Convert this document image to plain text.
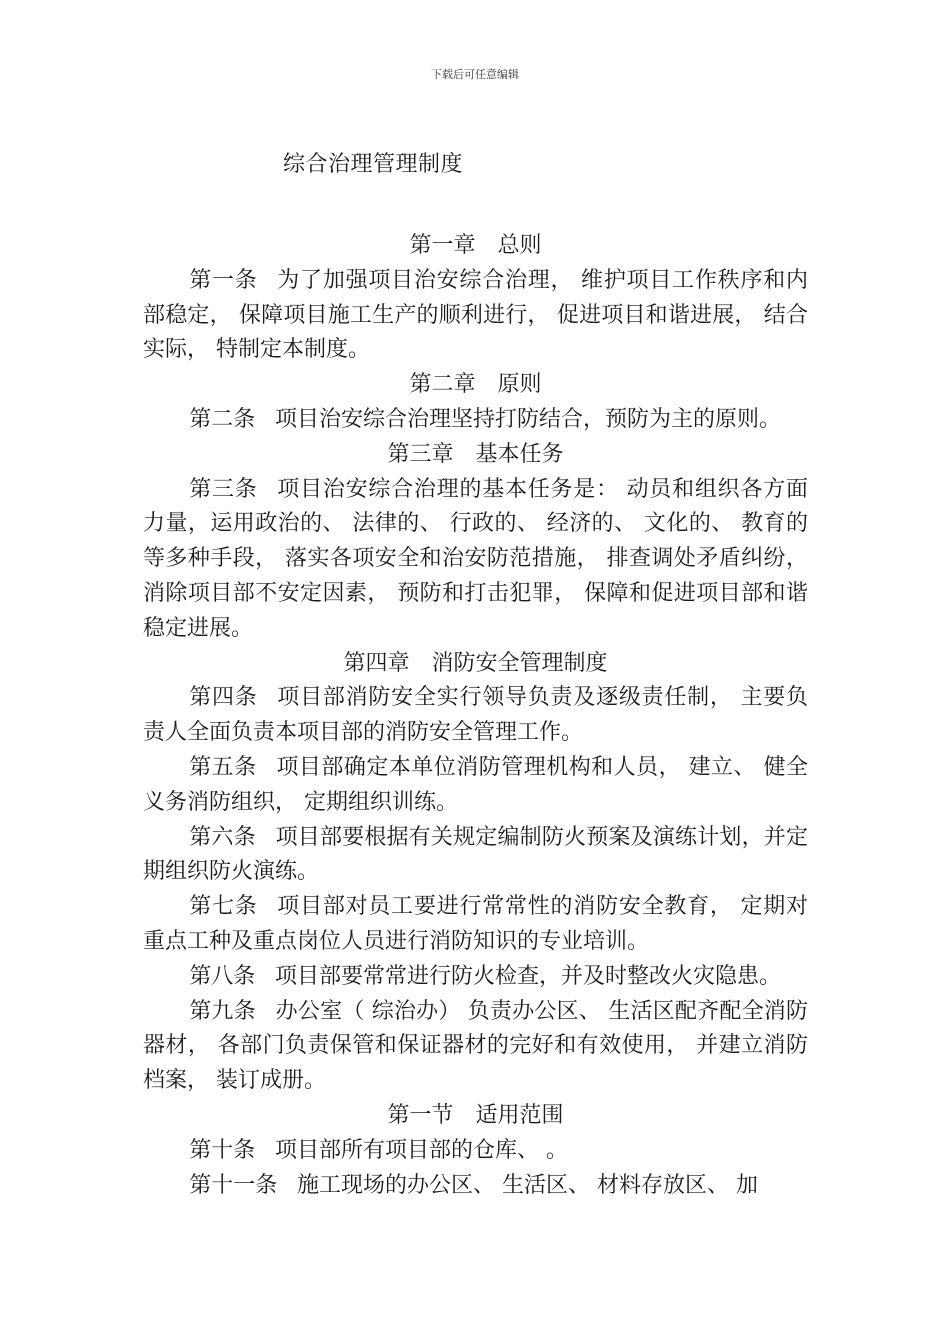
下载后可任意编辑
综合治理管理制度

第一章 总则

第一条 为了加强项目治安综合治理， 维护项目工作秩序和内部稳定， 保障项目施工生产的顺利进行， 促进项目和谐进展， 结合实际， 特制定本制度。

第二章 原则

第二条 项目治安综合治理坚持打防结合，预防为主的原则。

第三章 基本任务

第三条 项目治安综合治理的基本任务是： 动员和组织各方面力量，运用政治的、 法律的、 行政的、 经济的、 文化的、 教育的等多种手段， 落实各项安全和治安防范措施， 排查调处矛盾纠纷， 消除项目部不安定因素， 预防和打击犯罪， 保障和促进项目部和谐稳定进展。

第四章 消防安全管理制度

第四条 项目部消防安全实行领导负责及逐级责任制， 主要负责人全面负责本项目部的消防安全管理工作。

第五条 项目部确定本单位消防管理机构和人员， 建立、 健全义务消防组织， 定期组织训练。

第六条 项目部要根据有关规定编制防火预案及演练计划，并定期组织防火演练。

第七条 项目部对员工要进行常常性的消防安全教育， 定期对重点工种及重点岗位人员进行消防知识的专业培训。

第八条 项目部要常常进行防火检查，并及时整改火灾隐患。

第九条 办公室（ 综治办） 负责办公区、 生活区配齐配全消防器材， 各部门负责保管和保证器材的完好和有效使用， 并建立消防档案， 装订成册。

第一节 适用范围

第十条 项目部所有项目部的仓库、 。

第十一条 施工现场的办公区、 生活区、 材料存放区、 加
